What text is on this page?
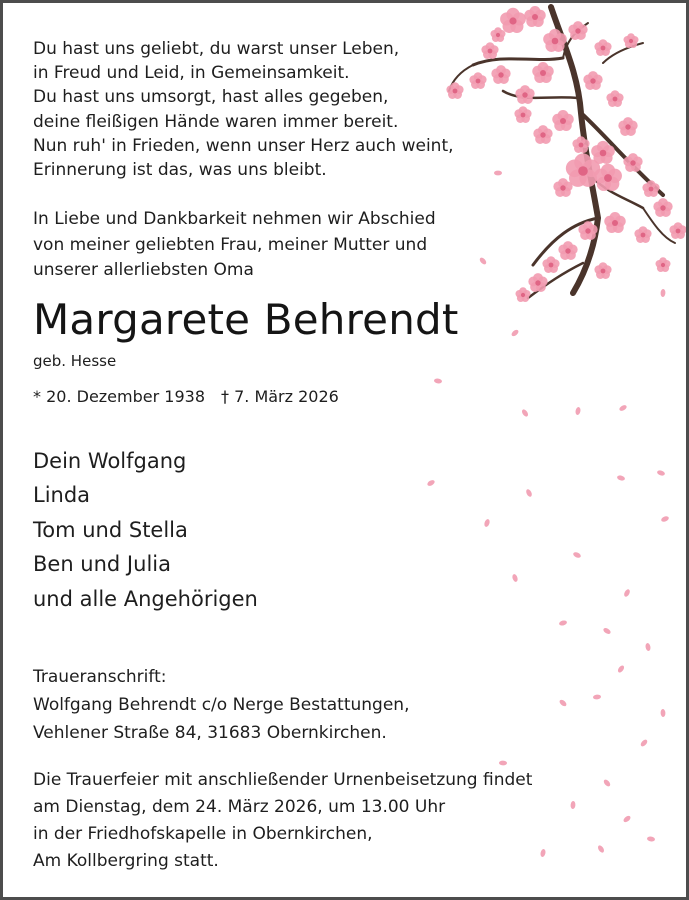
Du hast uns geliebt, du warst unser Leben,
in Freud und Leid, in Gemeinsamkeit.
Du hast uns umsorgt, hast alles gegeben,
deine fleißigen Hände waren immer bereit.
Nun ruh' in Frieden, wenn unser Herz auch weint,
Erinnerung ist das, was uns bleibt.
In Liebe und Dankbarkeit nehmen wir Abschied
von meiner geliebten Frau, meiner Mutter und
unserer allerliebsten Oma
Margarete Behrendt
geb. Hesse
* 20. Dezember 1938 † 7. März 2026
Dein Wolfgang
Linda
Tom und Stella
Ben und Julia
und alle Angehörigen
Traueranschrift:
Wolfgang Behrendt c/o Nerge Bestattungen,
Vehlener Straße 84, 31683 Obernkirchen.
Die Trauerfeier mit anschließender Urnenbeisetzung findet
am Dienstag, dem 24. März 2026, um 13.00 Uhr
in der Friedhofskapelle in Obernkirchen,
Am Kollbergring statt.
